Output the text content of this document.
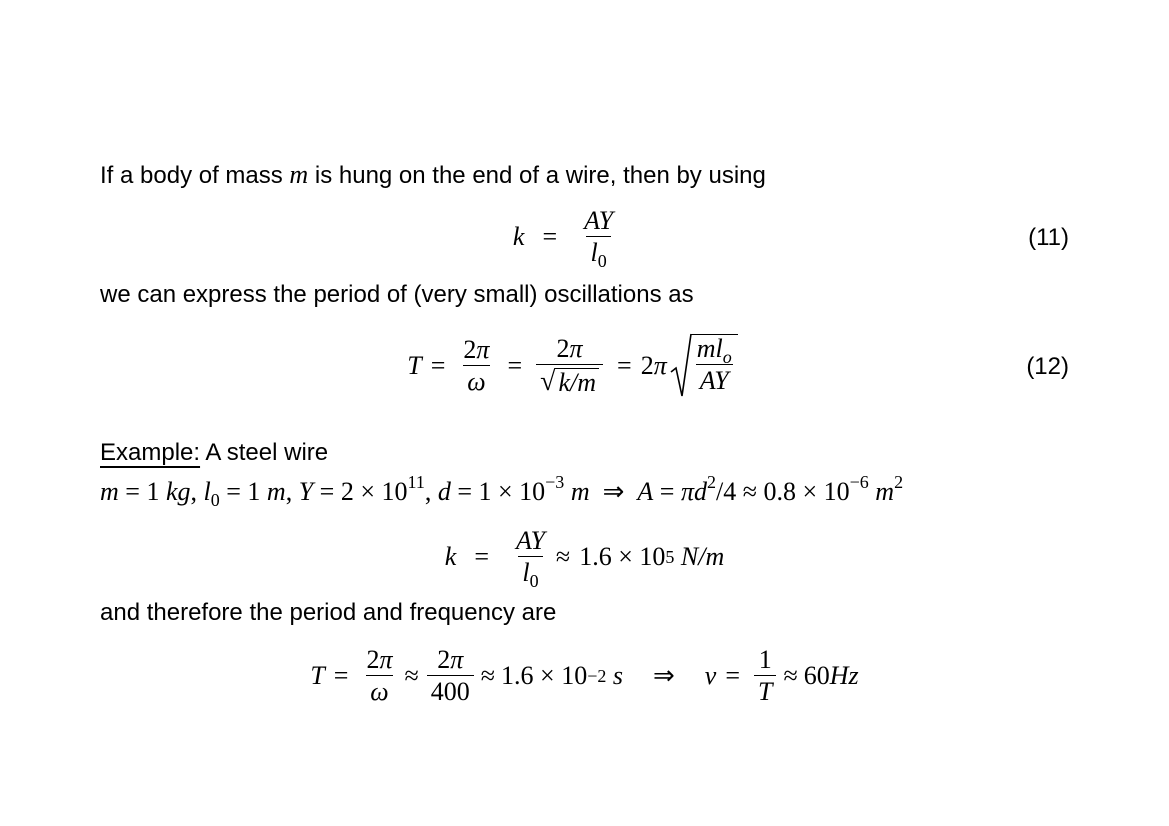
If a body of mass m is hung on the end of a wire, then by using
$k = \frac{AY}{l_0}$	(11)
we can express the period of (very small) oscillations as
$T = \frac{2\pi}{\omega} = \frac{2\pi}{√ k/m} = 2\pi \frac{ml_o}{AY}$	(12)
Example: A steel wire
m = 1 kg, $l_0 = 1$ m, $Y = 2 \times 10^{11}$, $d = 1 \times 10^{-3}$ m  ⇒  $A = \pi d^2/4 \approx 0.8 \times 10^{-6}$ $m^2$
$k = \frac{AY}{l_0} \approx 1.6 \times 10$ 5
N/m
and therefore the period and frequency are
$T = \frac{2\pi}{\omega} \approx \frac{2\pi}{400} \approx 1.6 \times 10 -2$
s ⇒ $\nu = \frac{1}{T} \approx 60$ Hz
